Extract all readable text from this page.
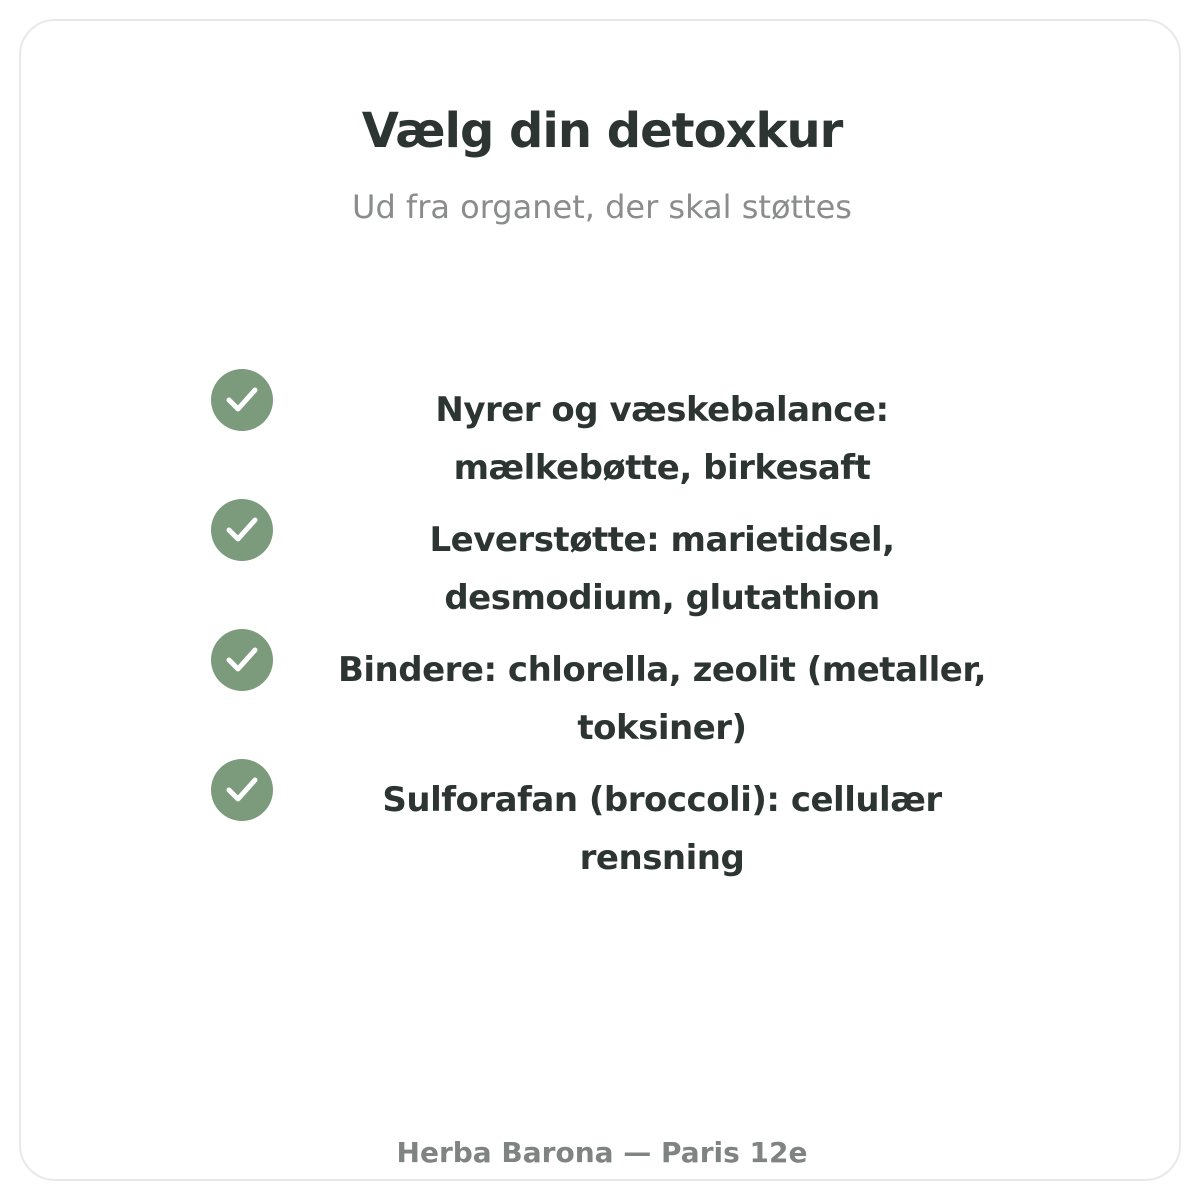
Vælg din detoxkur
Ud fra organet, der skal støttes
Nyrer og væskebalance: mælkebøtte, birkesaft
Leverstøtte: marietidsel, desmodium, glutathion
Bindere: chlorella, zeolit (metaller, toksiner)
Sulforafan (broccoli): cellulær rensning
Herba Barona — Paris 12e
